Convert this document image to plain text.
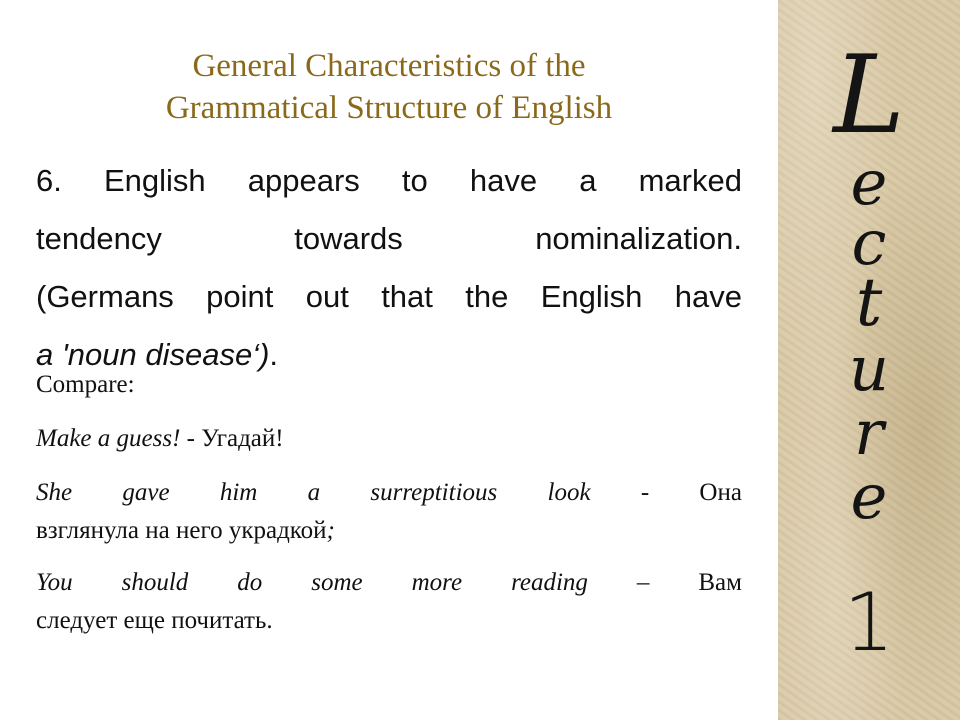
General Characteristics of the
Grammatical Structure of English
6. English appears to have a marked
tendency	towards	nominalization.
(Germans point out that the English have
a 'noun disease‘) .
Compare:
Make a guess! - Угадай!
She gave him a surreptitious look - Она
взглянула на него украдкой ;
You should do some more reading – Вам
следует еще почитать.
L
e
c
t
u
r
e
1
